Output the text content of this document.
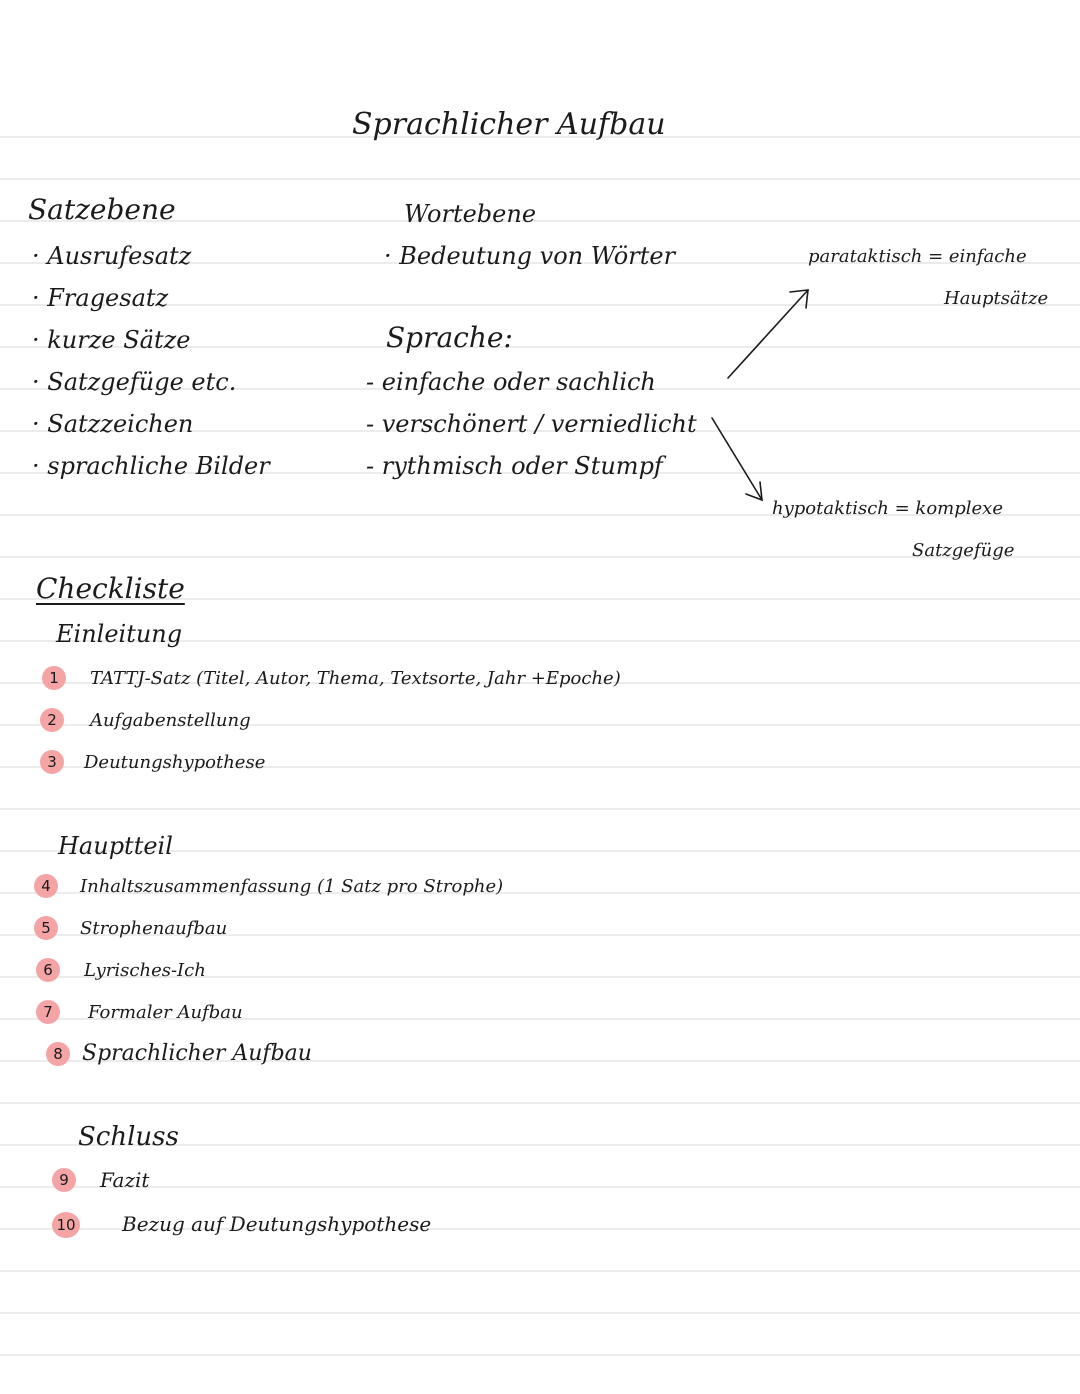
Sprachlicher Aufbau
Satzebene
· Ausrufesatz
· Fragesatz
· kurze Sätze
· Satzgefüge etc.
· Satzzeichen
· sprachliche Bilder
Wortebene
· Bedeutung von Wörter
Sprache:
- einfache oder sachlich
- verschönert / verniedlicht
- rythmisch oder Stumpf
parataktisch = einfache
Hauptsätze
hypotaktisch = komplexe
Satzgefüge
Checkliste
Einleitung
1	TATTJ-Satz (Titel, Autor, Thema, Textsorte, Jahr +Epoche)
2	Aufgabenstellung
3	Deutungshypothese
Hauptteil
4	Inhaltszusammenfassung (1 Satz pro Strophe)
5	Strophenaufbau
6	Lyrisches-Ich
7	Formaler Aufbau
8 Sprachlicher Aufbau
Schluss
9	Fazit
10 Bezug auf Deutungshypothese
